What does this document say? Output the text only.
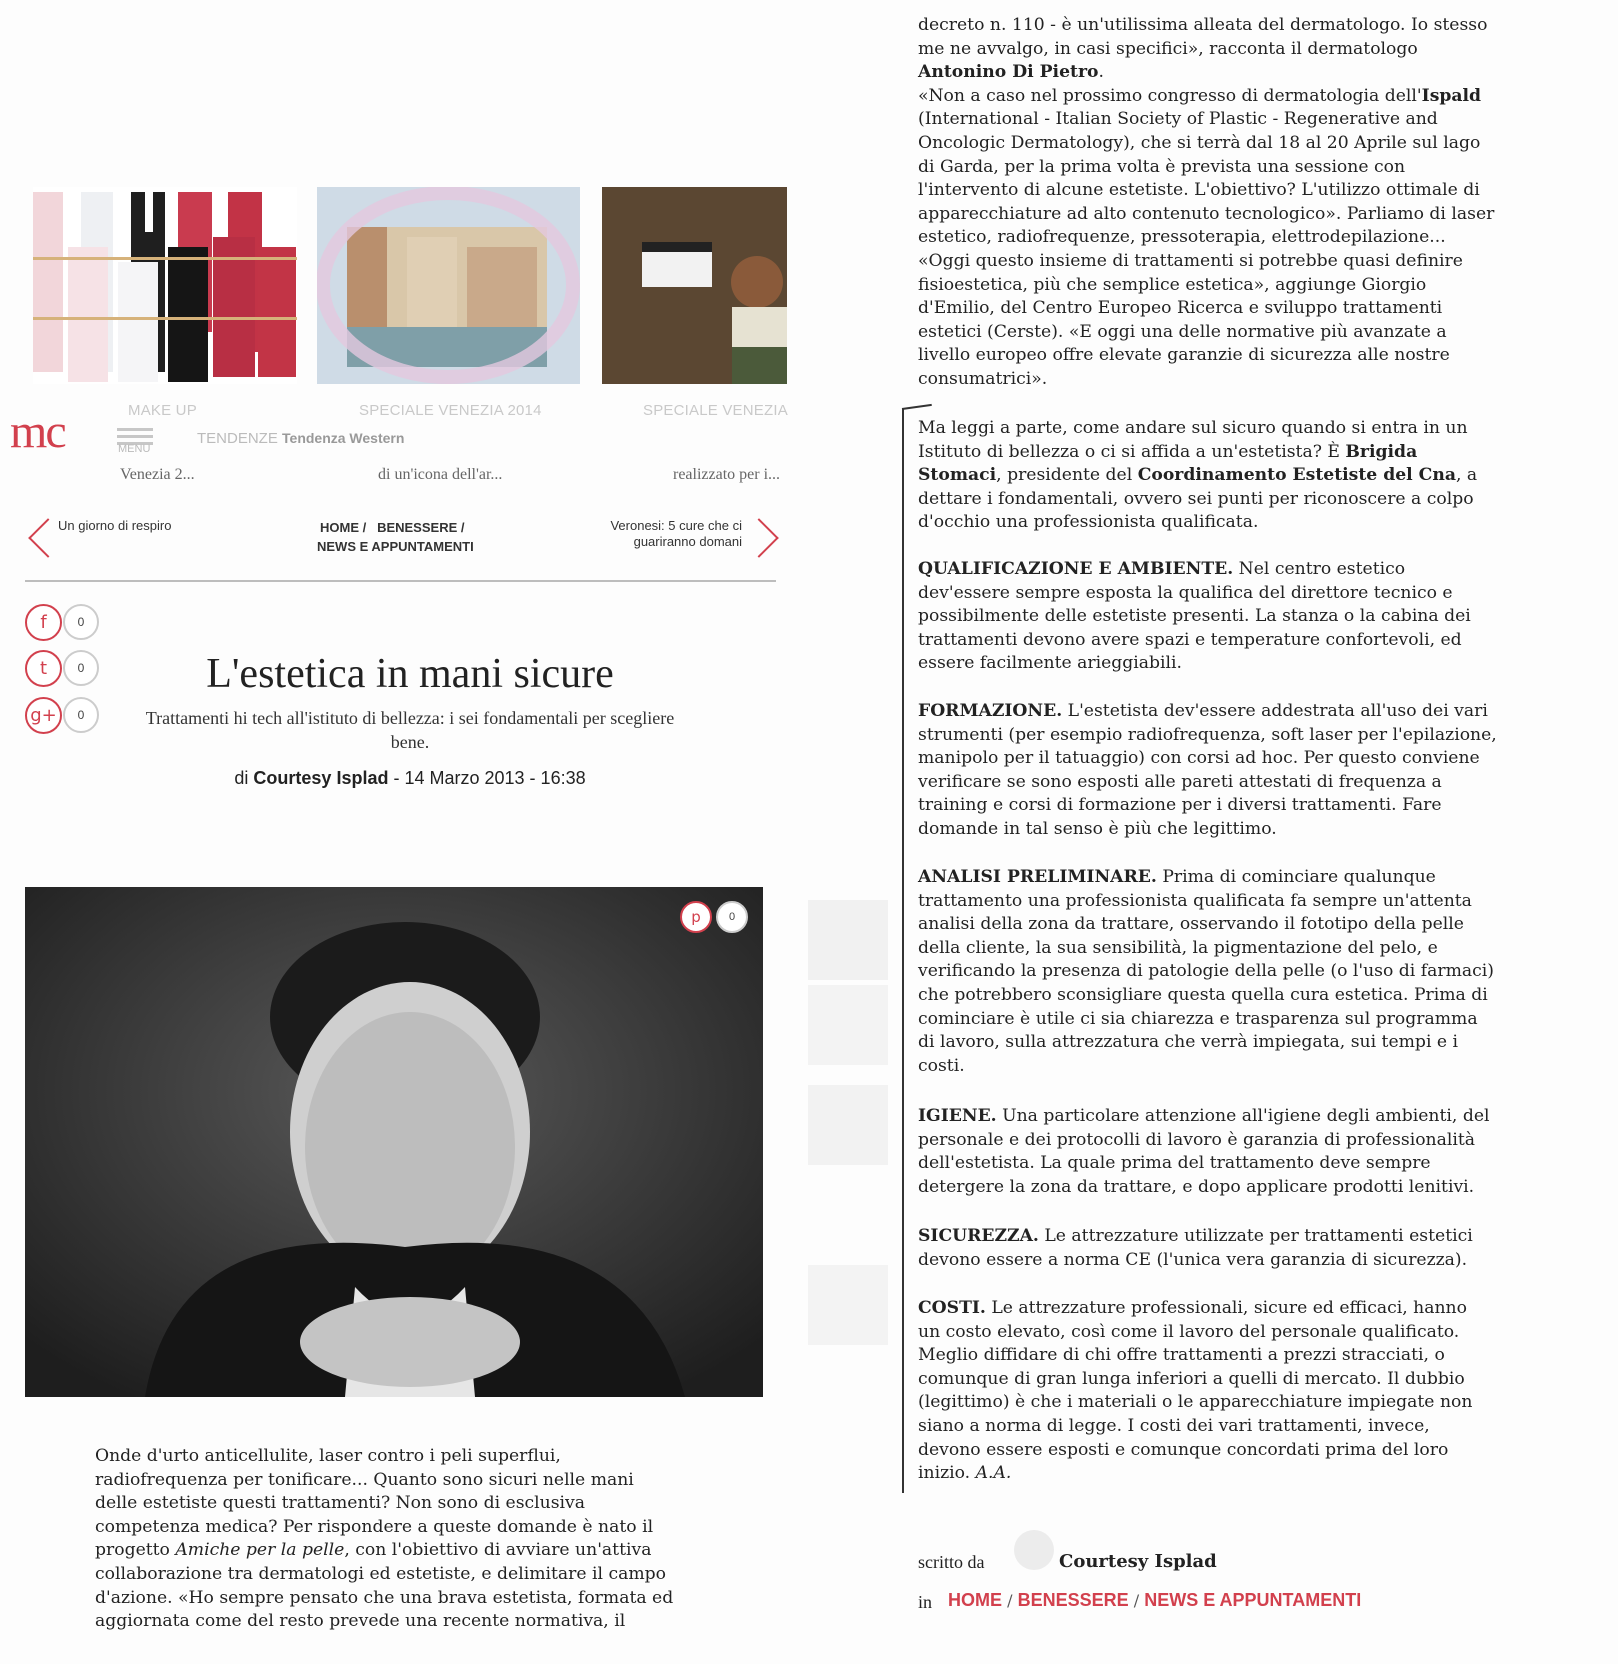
MAKE UP	SPECIALE VENEZIA 2014	SPECIALE VENEZIA
mc	MENU
TENDENZE Tendenza Western
Venezia 2...	di un'icona dell'ar...	realizzato per i...
Un giorno di respiro	HOME /   BENESSERE /
NEWS E APPUNTAMENTI
Veronesi: 5 cure che ci
guariranno domani
f	0
t	0
g+	0
L'estetica in mani sicure
Trattamenti hi tech all'istituto di bellezza: i sei fondamentali per scegliere bene.
di Courtesy Isplad - 14 Marzo 2013 - 16:38
p	0
Onde d'urto anticellulite, laser contro i peli superflui,
radiofrequenza per tonificare... Quanto sono sicuri nelle mani
delle estetiste questi trattamenti? Non sono di esclusiva
competenza medica? Per rispondere a queste domande è nato il
progetto Amiche per la pelle, con l'obiettivo di avviare un'attiva
collaborazione tra dermatologi ed estetiste, e delimitare il campo
d'azione. «Ho sempre pensato che una brava estetista, formata ed
aggiornata come del resto prevede una recente normativa, il
decreto n. 110 - è un'utilissima alleata del dermatologo. Io stesso
me ne avvalgo, in casi specifici», racconta il dermatologo
Antonino Di Pietro.
«Non a caso nel prossimo congresso di dermatologia dell'Ispald
(International - Italian Society of Plastic - Regenerative and
Oncologic Dermatology), che si terrà dal 18 al 20 Aprile sul lago
di Garda, per la prima volta è prevista una sessione con
l'intervento di alcune estetiste. L'obiettivo? L'utilizzo ottimale di
apparecchiature ad alto contenuto tecnologico». Parliamo di laser
estetico, radiofrequenze, pressoterapia, elettrodepilazione...
«Oggi questo insieme di trattamenti si potrebbe quasi definire
fisioestetica, più che semplice estetica», aggiunge Giorgio
d'Emilio, del Centro Europeo Ricerca e sviluppo trattamenti
estetici (Cerste). «E oggi una delle normative più avanzate a
livello europeo offre elevate garanzie di sicurezza alle nostre
consumatrici».
Ma leggi a parte, come andare sul sicuro quando si entra in un
Istituto di bellezza o ci si affida a un'estetista? È Brigida
Stomaci, presidente del Coordinamento Estetiste del Cna, a
dettare i fondamentali, ovvero sei punti per riconoscere a colpo
d'occhio una professionista qualificata.
QUALIFICAZIONE E AMBIENTE. Nel centro estetico
dev'essere sempre esposta la qualifica del direttore tecnico e
possibilmente delle estetiste presenti. La stanza o la cabina dei
trattamenti devono avere spazi e temperature confortevoli, ed
essere facilmente arieggiabili.
FORMAZIONE. L'estetista dev'essere addestrata all'uso dei vari
strumenti (per esempio radiofrequenza, soft laser per l'epilazione,
manipolo per il tatuaggio) con corsi ad hoc. Per questo conviene
verificare se sono esposti alle pareti attestati di frequenza a
training e corsi di formazione per i diversi trattamenti. Fare
domande in tal senso è più che legittimo.
ANALISI PRELIMINARE. Prima di cominciare qualunque
trattamento una professionista qualificata fa sempre un'attenta
analisi della zona da trattare, osservando il fototipo della pelle
della cliente, la sua sensibilità, la pigmentazione del pelo, e
verificando la presenza di patologie della pelle (o l'uso di farmaci)
che potrebbero sconsigliare questa quella cura estetica. Prima di
cominciare è utile ci sia chiarezza e trasparenza sul programma
di lavoro, sulla attrezzatura che verrà impiegata, sui tempi e i
costi.
IGIENE. Una particolare attenzione all'igiene degli ambienti, del
personale e dei protocolli di lavoro è garanzia di professionalità
dell'estetista. La quale prima del trattamento deve sempre
detergere la zona da trattare, e dopo applicare prodotti lenitivi.
SICUREZZA. Le attrezzature utilizzate per trattamenti estetici
devono essere a norma CE (l'unica vera garanzia di sicurezza).
COSTI. Le attrezzature professionali, sicure ed efficaci, hanno
un costo elevato, così come il lavoro del personale qualificato.
Meglio diffidare di chi offre trattamenti a prezzi stracciati, o
comunque di gran lunga inferiori a quelli di mercato. Il dubbio
(legittimo) è che i materiali o le apparecchiature impiegate non
siano a norma di legge. I costi dei vari trattamenti, invece,
devono essere esposti e comunque concordati prima del loro
inizio. A.A.
scritto da	Courtesy Isplad
in HOME / BENESSERE / NEWS E APPUNTAMENTI
